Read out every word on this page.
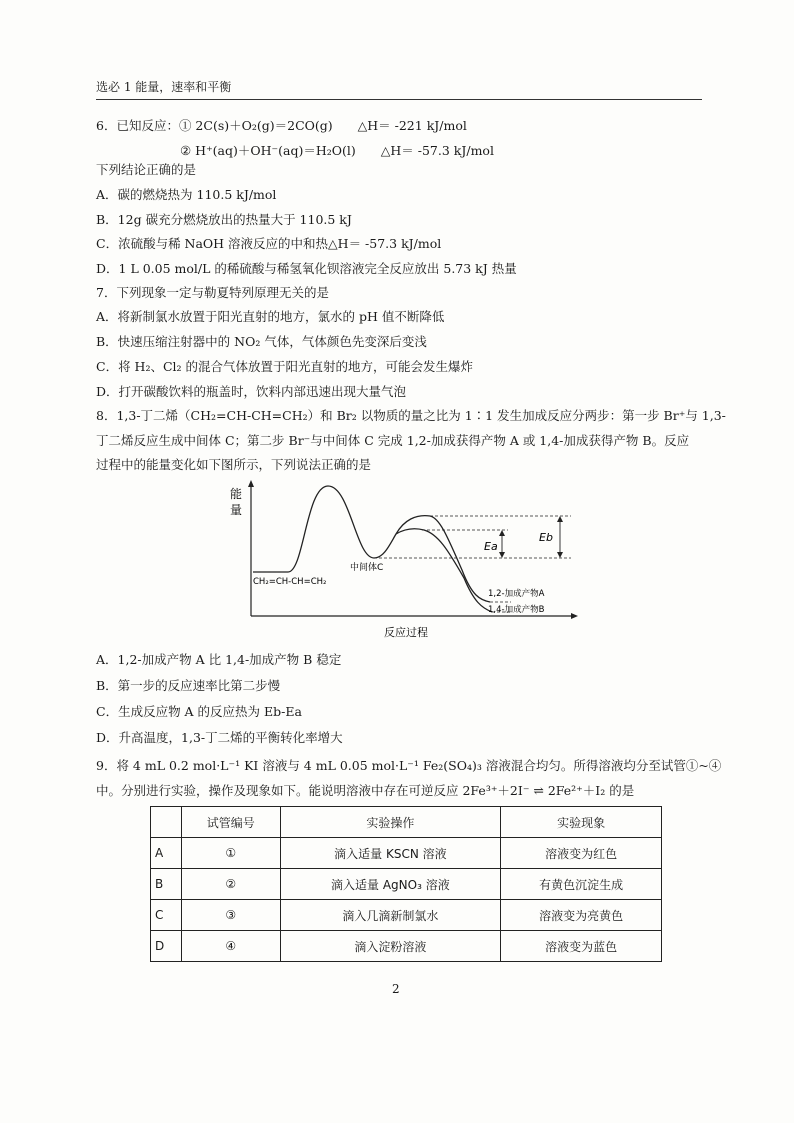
选必 1 能量，速率和平衡
6．已知反应：① 2C(s)＋O₂(g)＝2CO(g)　　△H＝ -221 kJ/mol
② H⁺(aq)＋OH⁻(aq)＝H₂O(l)　　△H＝ -57.3 kJ/mol
下列结论正确的是
A．碳的燃烧热为 110.5 kJ/mol
B．12g 碳充分燃烧放出的热量大于 110.5 kJ
C．浓硫酸与稀 NaOH 溶液反应的中和热△H＝ -57.3 kJ/mol
D．1 L 0.05 mol/L 的稀硫酸与稀氢氧化钡溶液完全反应放出 5.73 kJ 热量
7．下列现象一定与勒夏特列原理无关的是
A．将新制氯水放置于阳光直射的地方，氯水的 pH 值不断降低
B．快速压缩注射器中的 NO₂ 气体，气体颜色先变深后变浅
C．将 H₂、Cl₂ 的混合气体放置于阳光直射的地方，可能会发生爆炸
D．打开碳酸饮料的瓶盖时，饮料内部迅速出现大量气泡
8．1,3-丁二烯（CH₂=CH-CH=CH₂）和 Br₂ 以物质的量之比为 1∶1 发生加成反应分两步：第一步 Br⁺与 1,3-
丁二烯反应生成中间体 C；第二步 Br⁻与中间体 C 完成 1,2-加成获得产物 A 或 1,4-加成获得产物 B。反应
过程中的能量变化如下图所示，下列说法正确的是
能
量
Ea
Eb
CH₂=CH-CH=CH₂
中间体C
1,2-加成产物A
1,4-加成产物B
反应过程
A．1,2-加成产物 A 比 1,4-加成产物 B 稳定
B．第一步的反应速率比第二步慢
C．生成反应物 A 的反应热为 Eb-Ea
D．升高温度，1,3-丁二烯的平衡转化率增大
9．将 4 mL 0.2 mol·L⁻¹ KI 溶液与 4 mL 0.05 mol·L⁻¹ Fe₂(SO₄)₃ 溶液混合均匀。所得溶液均分至试管①~④
中。分别进行实验，操作及现象如下。能说明溶液中存在可逆反应 2Fe³⁺＋2I⁻ ⇌ 2Fe²⁺＋I₂ 的是
	试管编号	实验操作	实验现象
A	①	滴入适量 KSCN 溶液	溶液变为红色
B	②	滴入适量 AgNO₃ 溶液	有黄色沉淀生成
C	③	滴入几滴新制氯水	溶液变为亮黄色
D	④	滴入淀粉溶液	溶液变为蓝色
2
